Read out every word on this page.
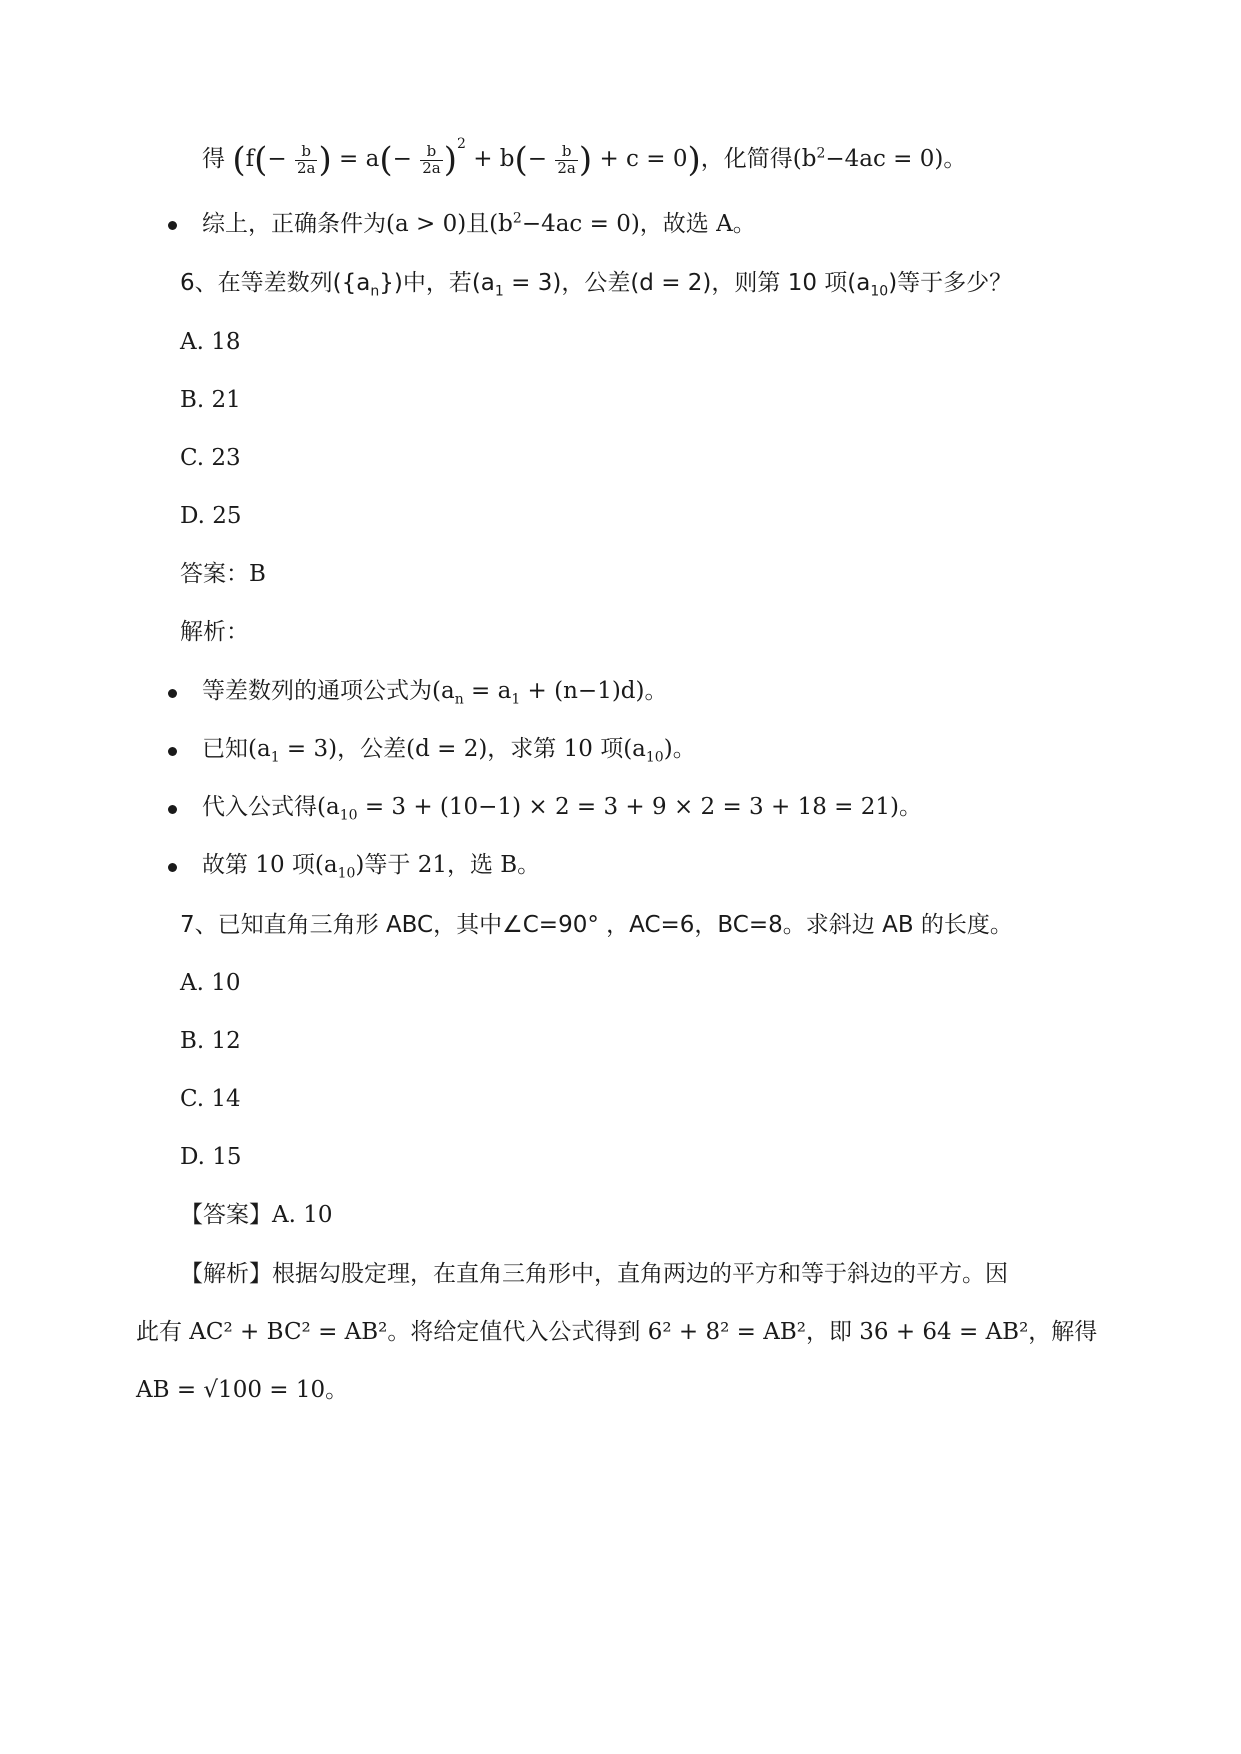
得 ($f(- \frac{b}{2a}$ ) = $a(- \frac{b}{2a} )^2 + b(- \frac{b}{2a}$ ) + c = 0)，化简得$(b^2-4ac = 0)$。
综上，正确条件为(a > 0)且$(b^2-4ac = 0)$，故选 A。
6、在等差数列$(\{a_n\})$中，若$(a_1 = 3)$，公差(d = 2)，则第 10 项$(a_{10})$等于多少？
A. 18
B. 21
C. 23
D. 25
答案：B
解析：
等差数列的通项公式为$(a_n = a_1 + (n-1)d)$。
已知$(a_1 = 3)$，公差(d = 2)，求第 10 项$(a_{10})$。
代入公式得$(a_{10} = 3 + (10-1) \times 2 = 3 + 9 \times 2 = 3 + 18 = 21)$。
故第 10 项$(a_{10})$等于 21，选 B。
7、已知直角三角形 ABC，其中∠C=90° ，AC=6，BC=8。求斜边 AB 的长度。
A. 10
B. 12
C. 14
D. 15
【答案】A. 10
【解析】根据勾股定理，在直角三角形中，直角两边的平方和等于斜边的平方。因
此有 AC² + BC² = AB²。将给定值代入公式得到 6² + 8² = AB²，即 36 + 64 = AB²，解得
AB = √100 = 10。
